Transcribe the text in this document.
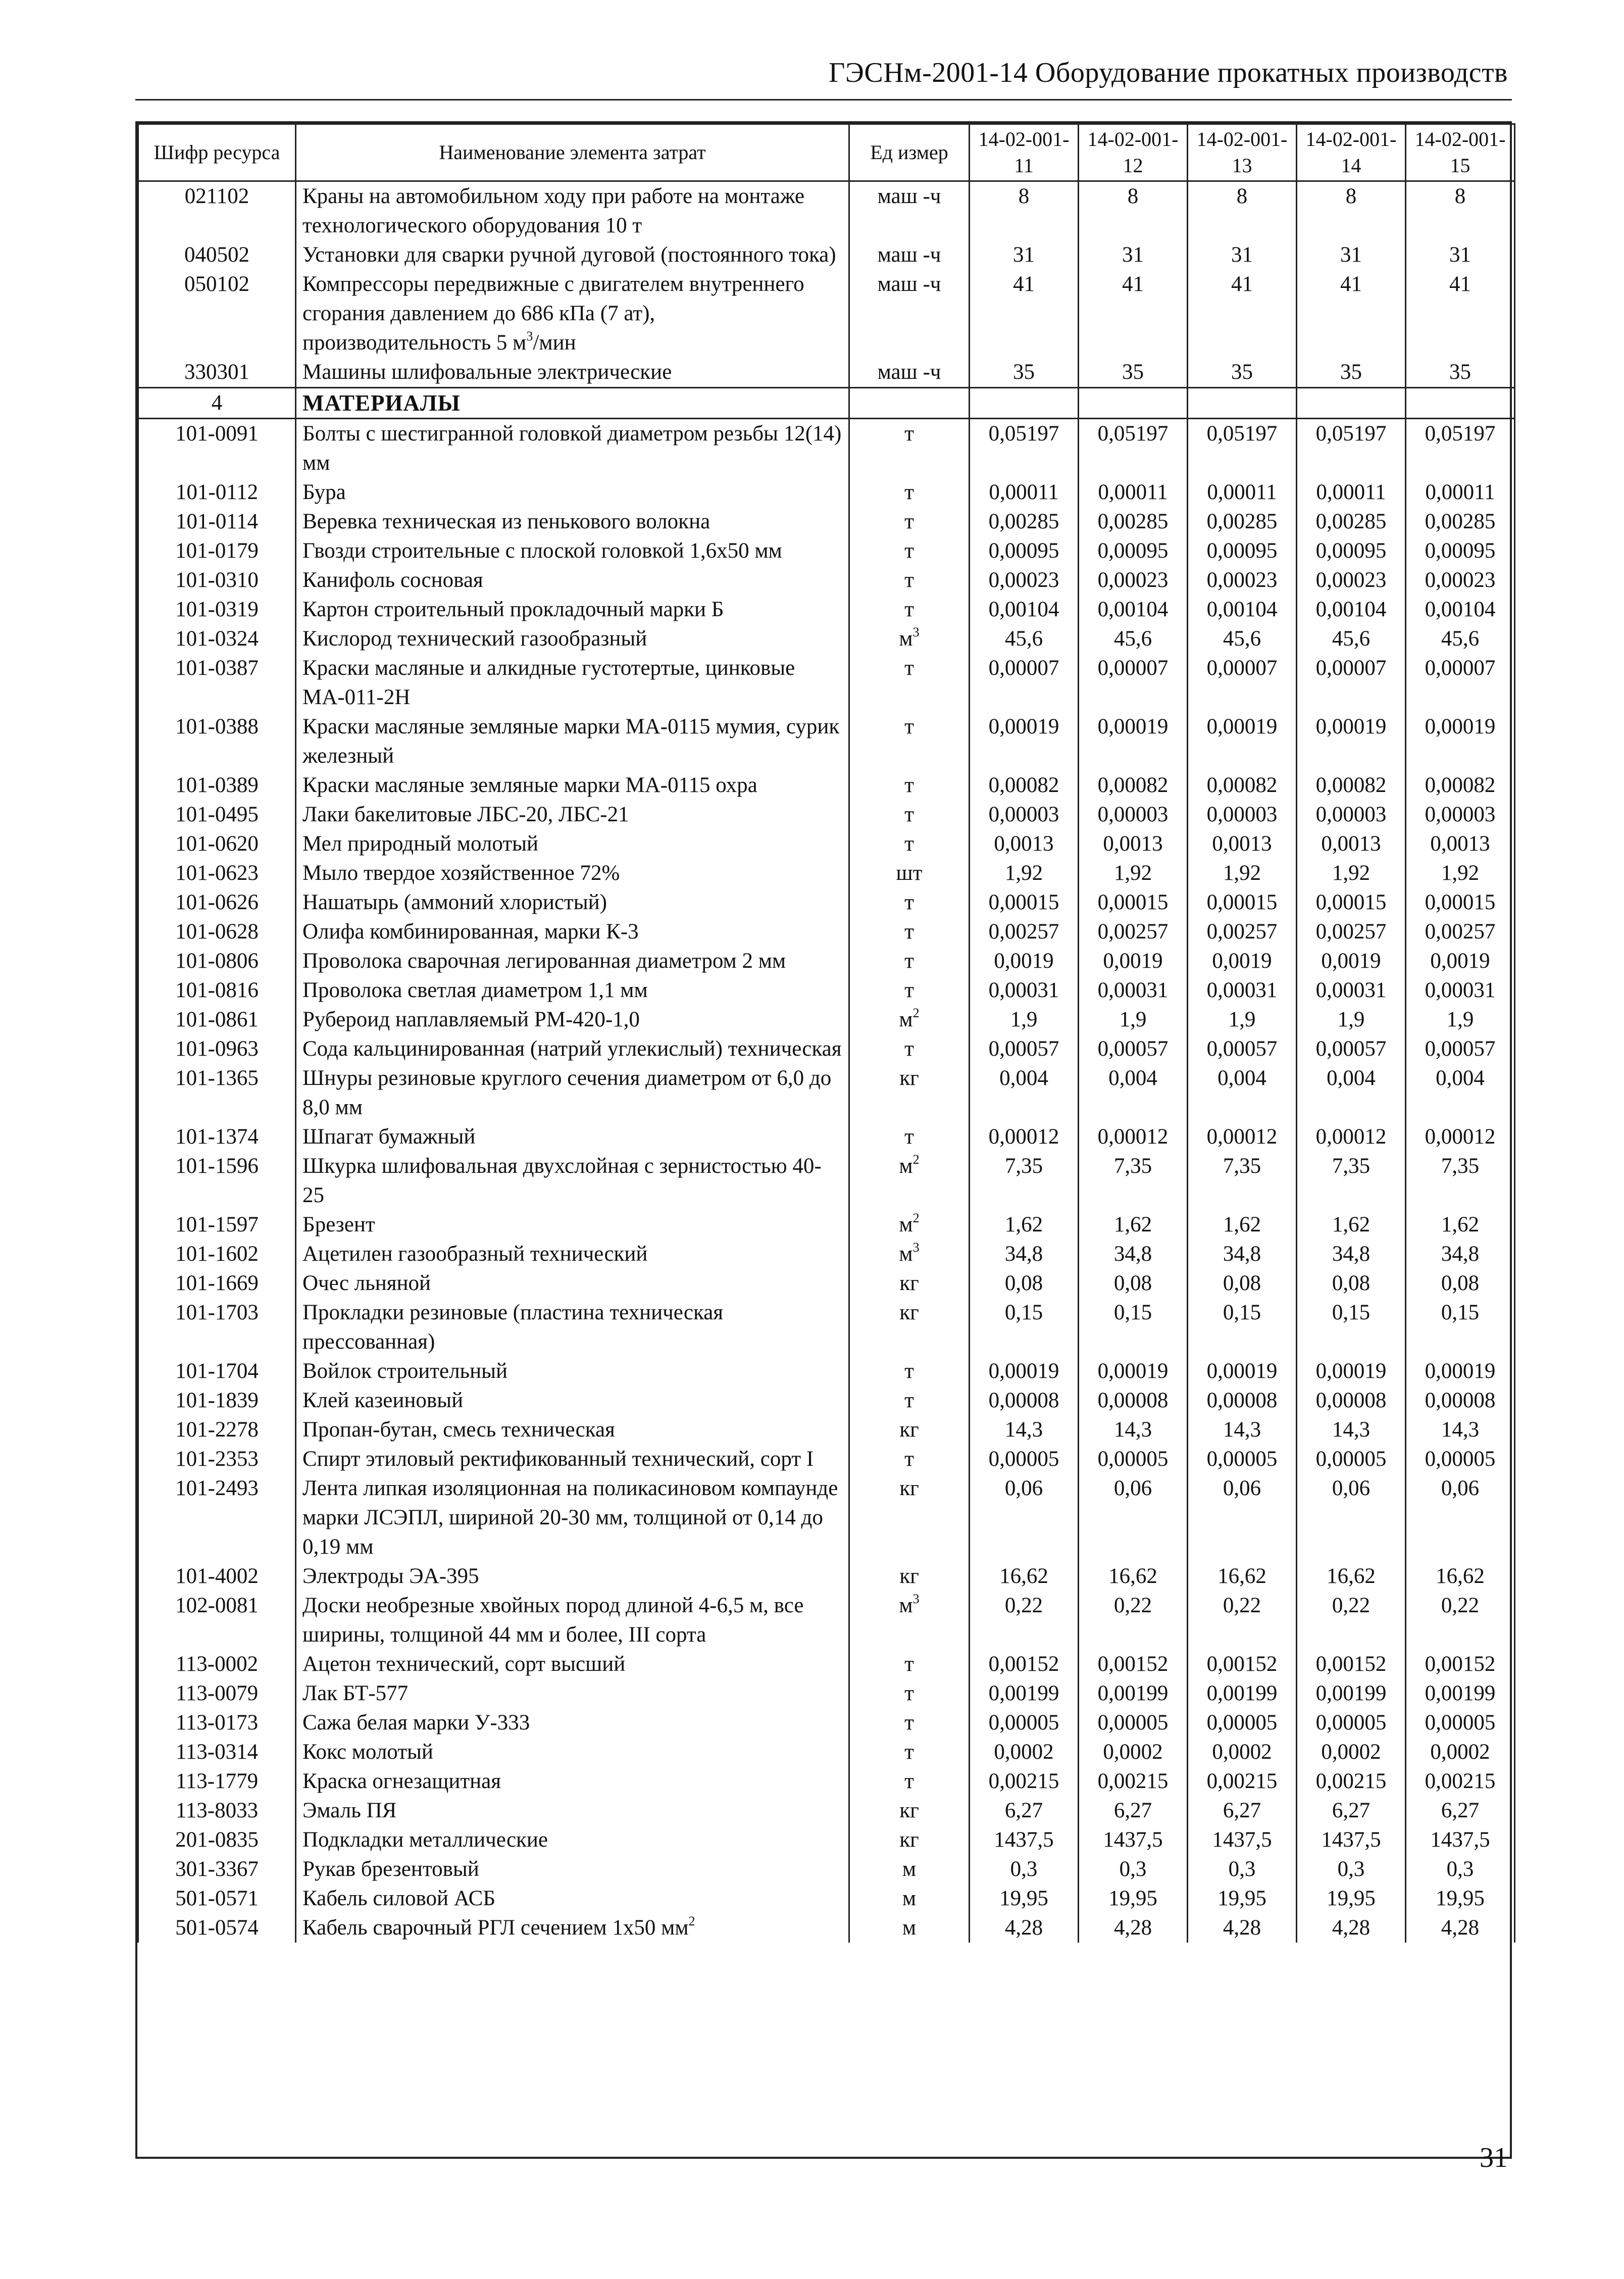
ГЭСНм-2001-14 Оборудование прокатных производств
Шифр ресурса	Наименование элемента затрат	Ед измер	14-02-001-11	14-02-001-12	14-02-001-13	14-02-001-14	14-02-001-15
021102	Краны на автомобильном ходу при работе на монтаже технологического оборудования 10 т	маш -ч	8	8	8	8	8
040502	Установки для сварки ручной дуговой (постоянного тока)	маш -ч	31	31	31	31	31
050102	Компрессоры передвижные с двигателем внутреннего сгорания давлением до 686 кПа (7 ат), производительность 5 $м^3$/мин	маш -ч	41	41	41	41	41
330301	Машины шлифовальные электрические	маш -ч	35	35	35	35	35
4	МАТЕРИАЛЫ						
101-0091	Болты с шестигранной головкой диаметром резьбы 12(14) мм	т	0,05197	0,05197	0,05197	0,05197	0,05197
101-0112	Бура	т	0,00011	0,00011	0,00011	0,00011	0,00011
101-0114	Веревка техническая из пенькового волокна	т	0,00285	0,00285	0,00285	0,00285	0,00285
101-0179	Гвозди строительные с плоской головкой 1,6х50 мм	т	0,00095	0,00095	0,00095	0,00095	0,00095
101-0310	Канифоль сосновая	т	0,00023	0,00023	0,00023	0,00023	0,00023
101-0319	Картон строительный прокладочный марки Б	т	0,00104	0,00104	0,00104	0,00104	0,00104
101-0324	Кислород технический газообразный	$м^3$	45,6	45,6	45,6	45,6	45,6
101-0387	Краски масляные и алкидные густотертые, цинковые МА-011-2Н	т	0,00007	0,00007	0,00007	0,00007	0,00007
101-0388	Краски масляные земляные марки МА-0115 мумия, сурик железный	т	0,00019	0,00019	0,00019	0,00019	0,00019
101-0389	Краски масляные земляные марки МА-0115 охра	т	0,00082	0,00082	0,00082	0,00082	0,00082
101-0495	Лаки бакелитовые ЛБС-20, ЛБС-21	т	0,00003	0,00003	0,00003	0,00003	0,00003
101-0620	Мел природный молотый	т	0,0013	0,0013	0,0013	0,0013	0,0013
101-0623	Мыло твердое хозяйственное 72%	шт	1,92	1,92	1,92	1,92	1,92
101-0626	Нашатырь (аммоний хлористый)	т	0,00015	0,00015	0,00015	0,00015	0,00015
101-0628	Олифа комбинированная, марки К-3	т	0,00257	0,00257	0,00257	0,00257	0,00257
101-0806	Проволока сварочная легированная диаметром 2 мм	т	0,0019	0,0019	0,0019	0,0019	0,0019
101-0816	Проволока светлая диаметром 1,1 мм	т	0,00031	0,00031	0,00031	0,00031	0,00031
101-0861	Рубероид наплавляемый РМ-420-1,0	$м^2$	1,9	1,9	1,9	1,9	1,9
101-0963	Сода кальцинированная (натрий углекислый) техническая	т	0,00057	0,00057	0,00057	0,00057	0,00057
101-1365	Шнуры резиновые круглого сечения диаметром от 6,0 до 8,0 мм	кг	0,004	0,004	0,004	0,004	0,004
101-1374	Шпагат бумажный	т	0,00012	0,00012	0,00012	0,00012	0,00012
101-1596	Шкурка шлифовальная двухслойная с зернистостью 40-25	$м^2$	7,35	7,35	7,35	7,35	7,35
101-1597	Брезент	$м^2$	1,62	1,62	1,62	1,62	1,62
101-1602	Ацетилен газообразный технический	$м^3$	34,8	34,8	34,8	34,8	34,8
101-1669	Очес льняной	кг	0,08	0,08	0,08	0,08	0,08
101-1703	Прокладки резиновые (пластина техническая прессованная)	кг	0,15	0,15	0,15	0,15	0,15
101-1704	Войлок строительный	т	0,00019	0,00019	0,00019	0,00019	0,00019
101-1839	Клей казеиновый	т	0,00008	0,00008	0,00008	0,00008	0,00008
101-2278	Пропан-бутан, смесь техническая	кг	14,3	14,3	14,3	14,3	14,3
101-2353	Спирт этиловый ректификованный технический, сорт I	т	0,00005	0,00005	0,00005	0,00005	0,00005
101-2493	Лента липкая изоляционная на поликасиновом компаунде марки ЛСЭПЛ, шириной 20-30 мм, толщиной от 0,14 до 0,19 мм	кг	0,06	0,06	0,06	0,06	0,06
101-4002	Электроды ЭА-395	кг	16,62	16,62	16,62	16,62	16,62
102-0081	Доски необрезные хвойных пород длиной 4-6,5 м, все ширины, толщиной 44 мм и более, III сорта	$м^3$	0,22	0,22	0,22	0,22	0,22
113-0002	Ацетон технический, сорт высший	т	0,00152	0,00152	0,00152	0,00152	0,00152
113-0079	Лак БТ-577	т	0,00199	0,00199	0,00199	0,00199	0,00199
113-0173	Сажа белая марки У-333	т	0,00005	0,00005	0,00005	0,00005	0,00005
113-0314	Кокс молотый	т	0,0002	0,0002	0,0002	0,0002	0,0002
113-1779	Краска огнезащитная	т	0,00215	0,00215	0,00215	0,00215	0,00215
113-8033	Эмаль ПЯ	кг	6,27	6,27	6,27	6,27	6,27
201-0835	Подкладки металлические	кг	1437,5	1437,5	1437,5	1437,5	1437,5
301-3367	Рукав брезентовый	м	0,3	0,3	0,3	0,3	0,3
501-0571	Кабель силовой АСБ	м	19,95	19,95	19,95	19,95	19,95
501-0574	Кабель сварочный РГЛ сечением 1х50 $мм^2$	м	4,28	4,28	4,28	4,28	4,28
31
